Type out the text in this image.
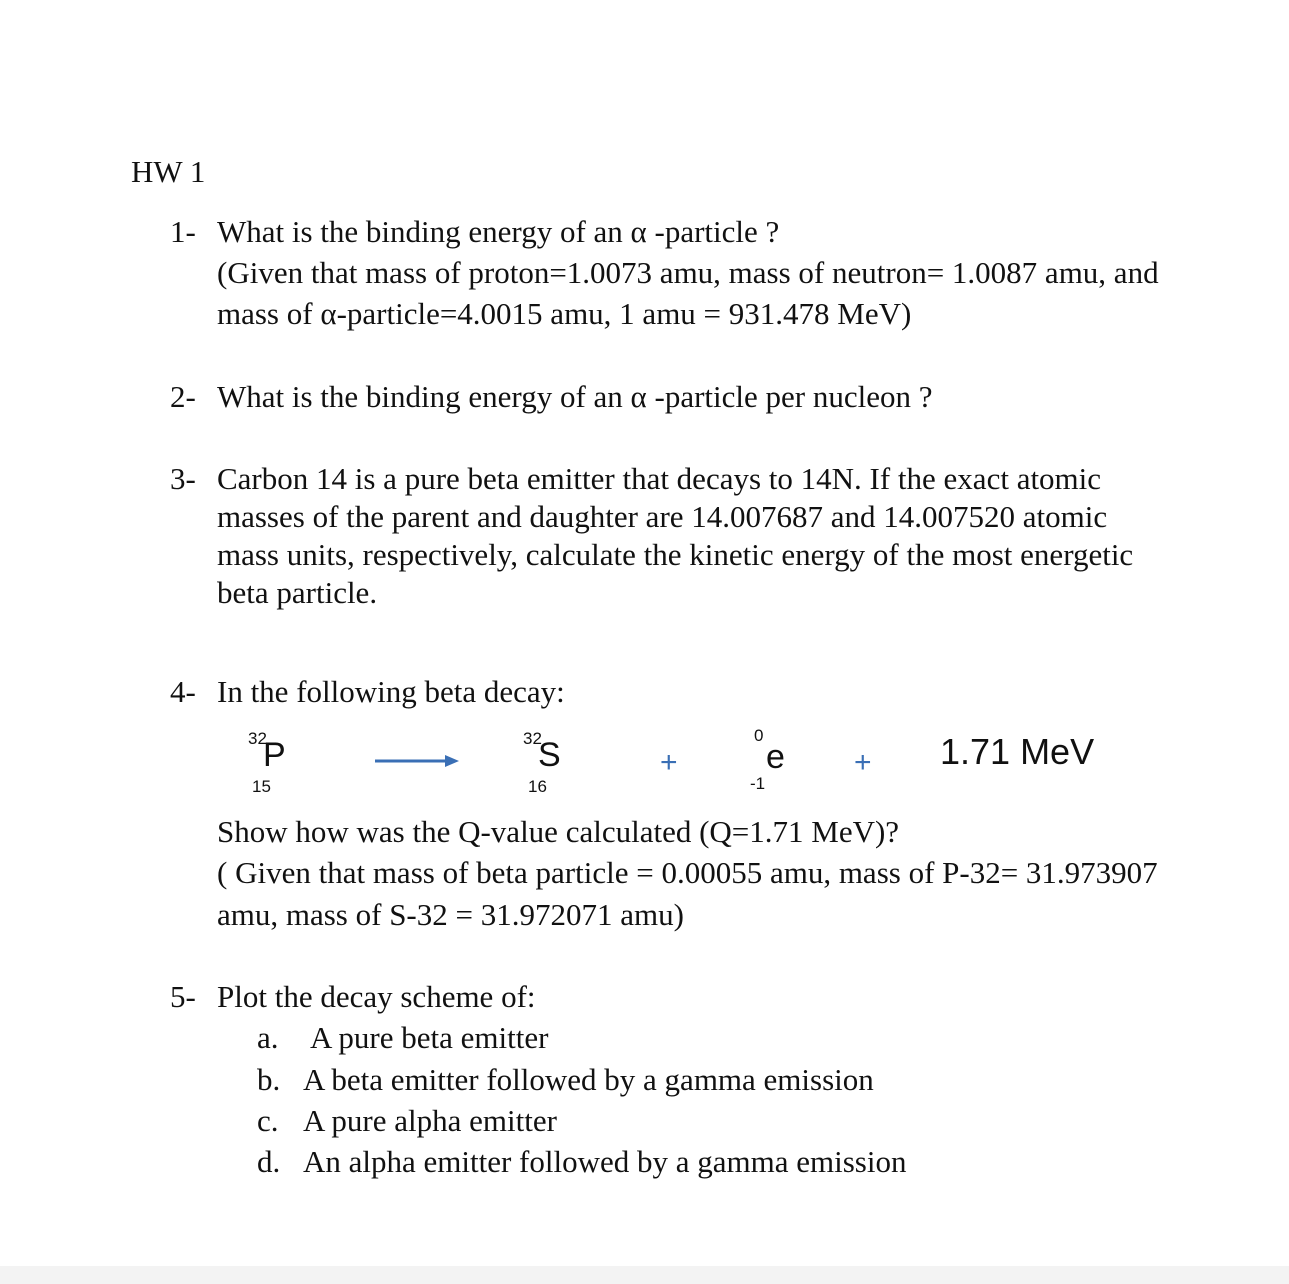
HW 1
1- What is the binding energy of an α -particle ?
(Given that mass of proton=1.0073 amu, mass of neutron= 1.0087 amu, and
mass of α-particle=4.0015 amu, 1 amu = 931.478 MeV)
2- What is the binding energy of an α -particle per nucleon ?
3- Carbon 14 is a pure beta emitter that decays to 14N. If the exact atomic
masses of the parent and daughter are 14.007687 and 14.007520 atomic
mass units, respectively, calculate the kinetic energy of the most energetic
beta particle.
4- In the following beta decay:
32
P
15
32
S
16
+
0
e
-1
+ 1.71 MeV
Show how was the Q-value calculated (Q=1.71 MeV)?
( Given that mass of beta particle = 0.00055 amu, mass of P-32= 31.973907
amu, mass of S-32 = 31.972071 amu)
5- Plot the decay scheme of:
a. A pure beta emitter
b. A beta emitter followed by a gamma emission
c. A pure alpha emitter
d. An alpha emitter followed by a gamma emission
